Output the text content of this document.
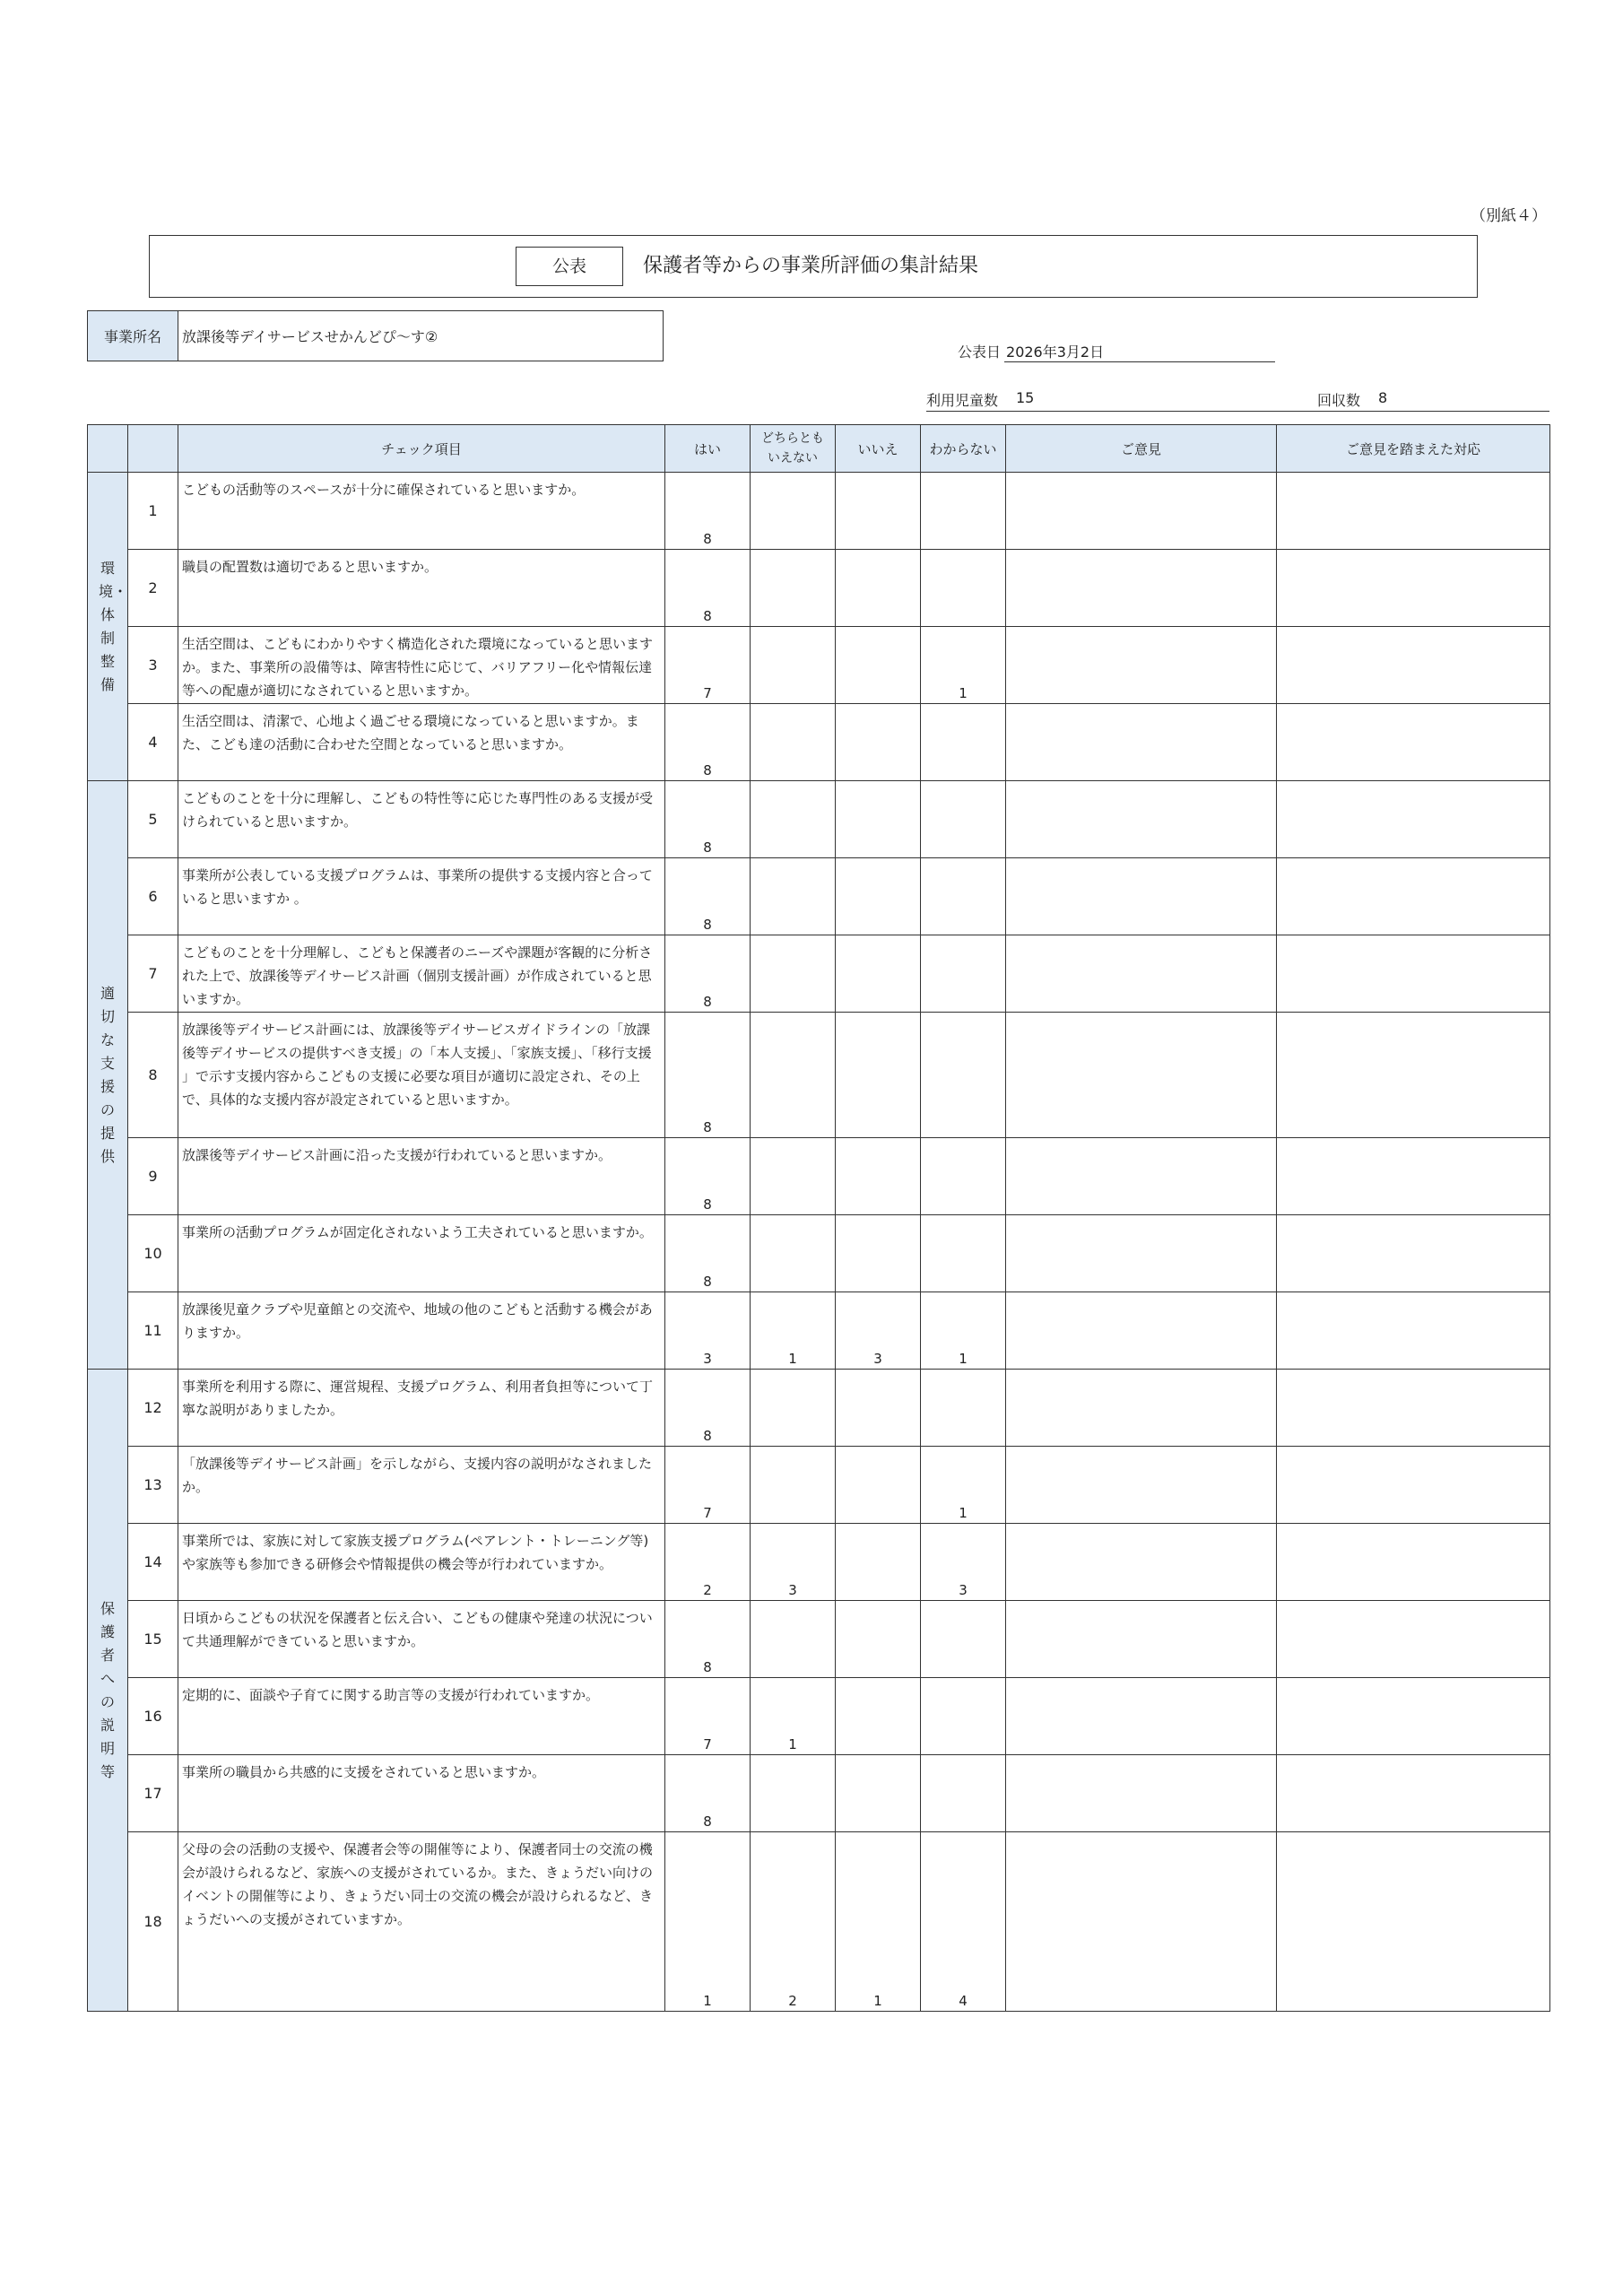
（別紙４）
公表	保護者等からの事業所評価の集計結果
事業所名	放課後等デイサービスせかんどぴ～す②
公表日 2026年3月2日
利用児童数 15	回収数 8
		チェック項目	はい	どちらとも
いえない	いいえ	わからない	ご意見	ご意見を踏まえた対応
環境・体制整備	1	こどもの活動等のスペースが十分に確保されていると思いますか。	8					
	2	職員の配置数は適切であると思いますか。	8					
	3	生活空間は、こどもにわかりやすく構造化された環境になっていると思いますか。また、事業所の設備等は、障害特性に応じて、バリアフリー化や情報伝達等への配慮が適切になされていると思いますか。	7			1		
	4	生活空間は、清潔で、心地よく過ごせる環境になっていると思いますか。また、こども達の活動に合わせた空間となっていると思いますか。	8					
適切な支援の提供	5	こどものことを十分に理解し、こどもの特性等に応じた専門性のある支援が受けられていると思いますか。	8					
	6	事業所が公表している支援プログラムは、事業所の提供する支援内容と合っていると思いますか 。	8					
	7	こどものことを十分理解し、こどもと保護者のニーズや課題が客観的に分析された上で、放課後等デイサービス計画（個別支援計画）が作成されていると思いますか。	8					
	8	放課後等デイサービス計画には、放課後等デイサービスガイドラインの「放課後等デイサービスの提供すべき支援」の「本人支援」、「家族支援」、「移行支援 」で示す支援内容からこどもの支援に必要な項目が適切に設定され、その上で、具体的な支援内容が設定されていると思いますか。	8					
	9	放課後等デイサービス計画に沿った支援が行われていると思いますか。	8					
	10	事業所の活動プログラムが固定化されないよう工夫されていると思いますか。	8					
	11	放課後児童クラブや児童館との交流や、地域の他のこどもと活動する機会がありますか。	3	1	3	1		
保護者への説明等	12	事業所を利用する際に、運営規程、支援プログラム、利用者負担等について丁寧な説明がありましたか。	8					
	13	「放課後等デイサービス計画」を示しながら、支援内容の説明がなされましたか。	7			1		
	14	事業所では、家族に対して家族支援プログラム(ペアレント・トレーニング等)や家族等も参加できる研修会や情報提供の機会等が行われていますか。	2	3		3		
	15	日頃からこどもの状況を保護者と伝え合い、こどもの健康や発達の状況について共通理解ができていると思いますか。	8					
	16	定期的に、面談や子育てに関する助言等の支援が行われていますか。	7	1				
	17	事業所の職員から共感的に支援をされていると思いますか。	8					
	18	父母の会の活動の支援や、保護者会等の開催等により、保護者同士の交流の機会が設けられるなど、家族への支援がされているか。また、きょうだい向けのイベントの開催等により、きょうだい同士の交流の機会が設けられるなど、きょうだいへの支援がされていますか。	1	2	1	4		
